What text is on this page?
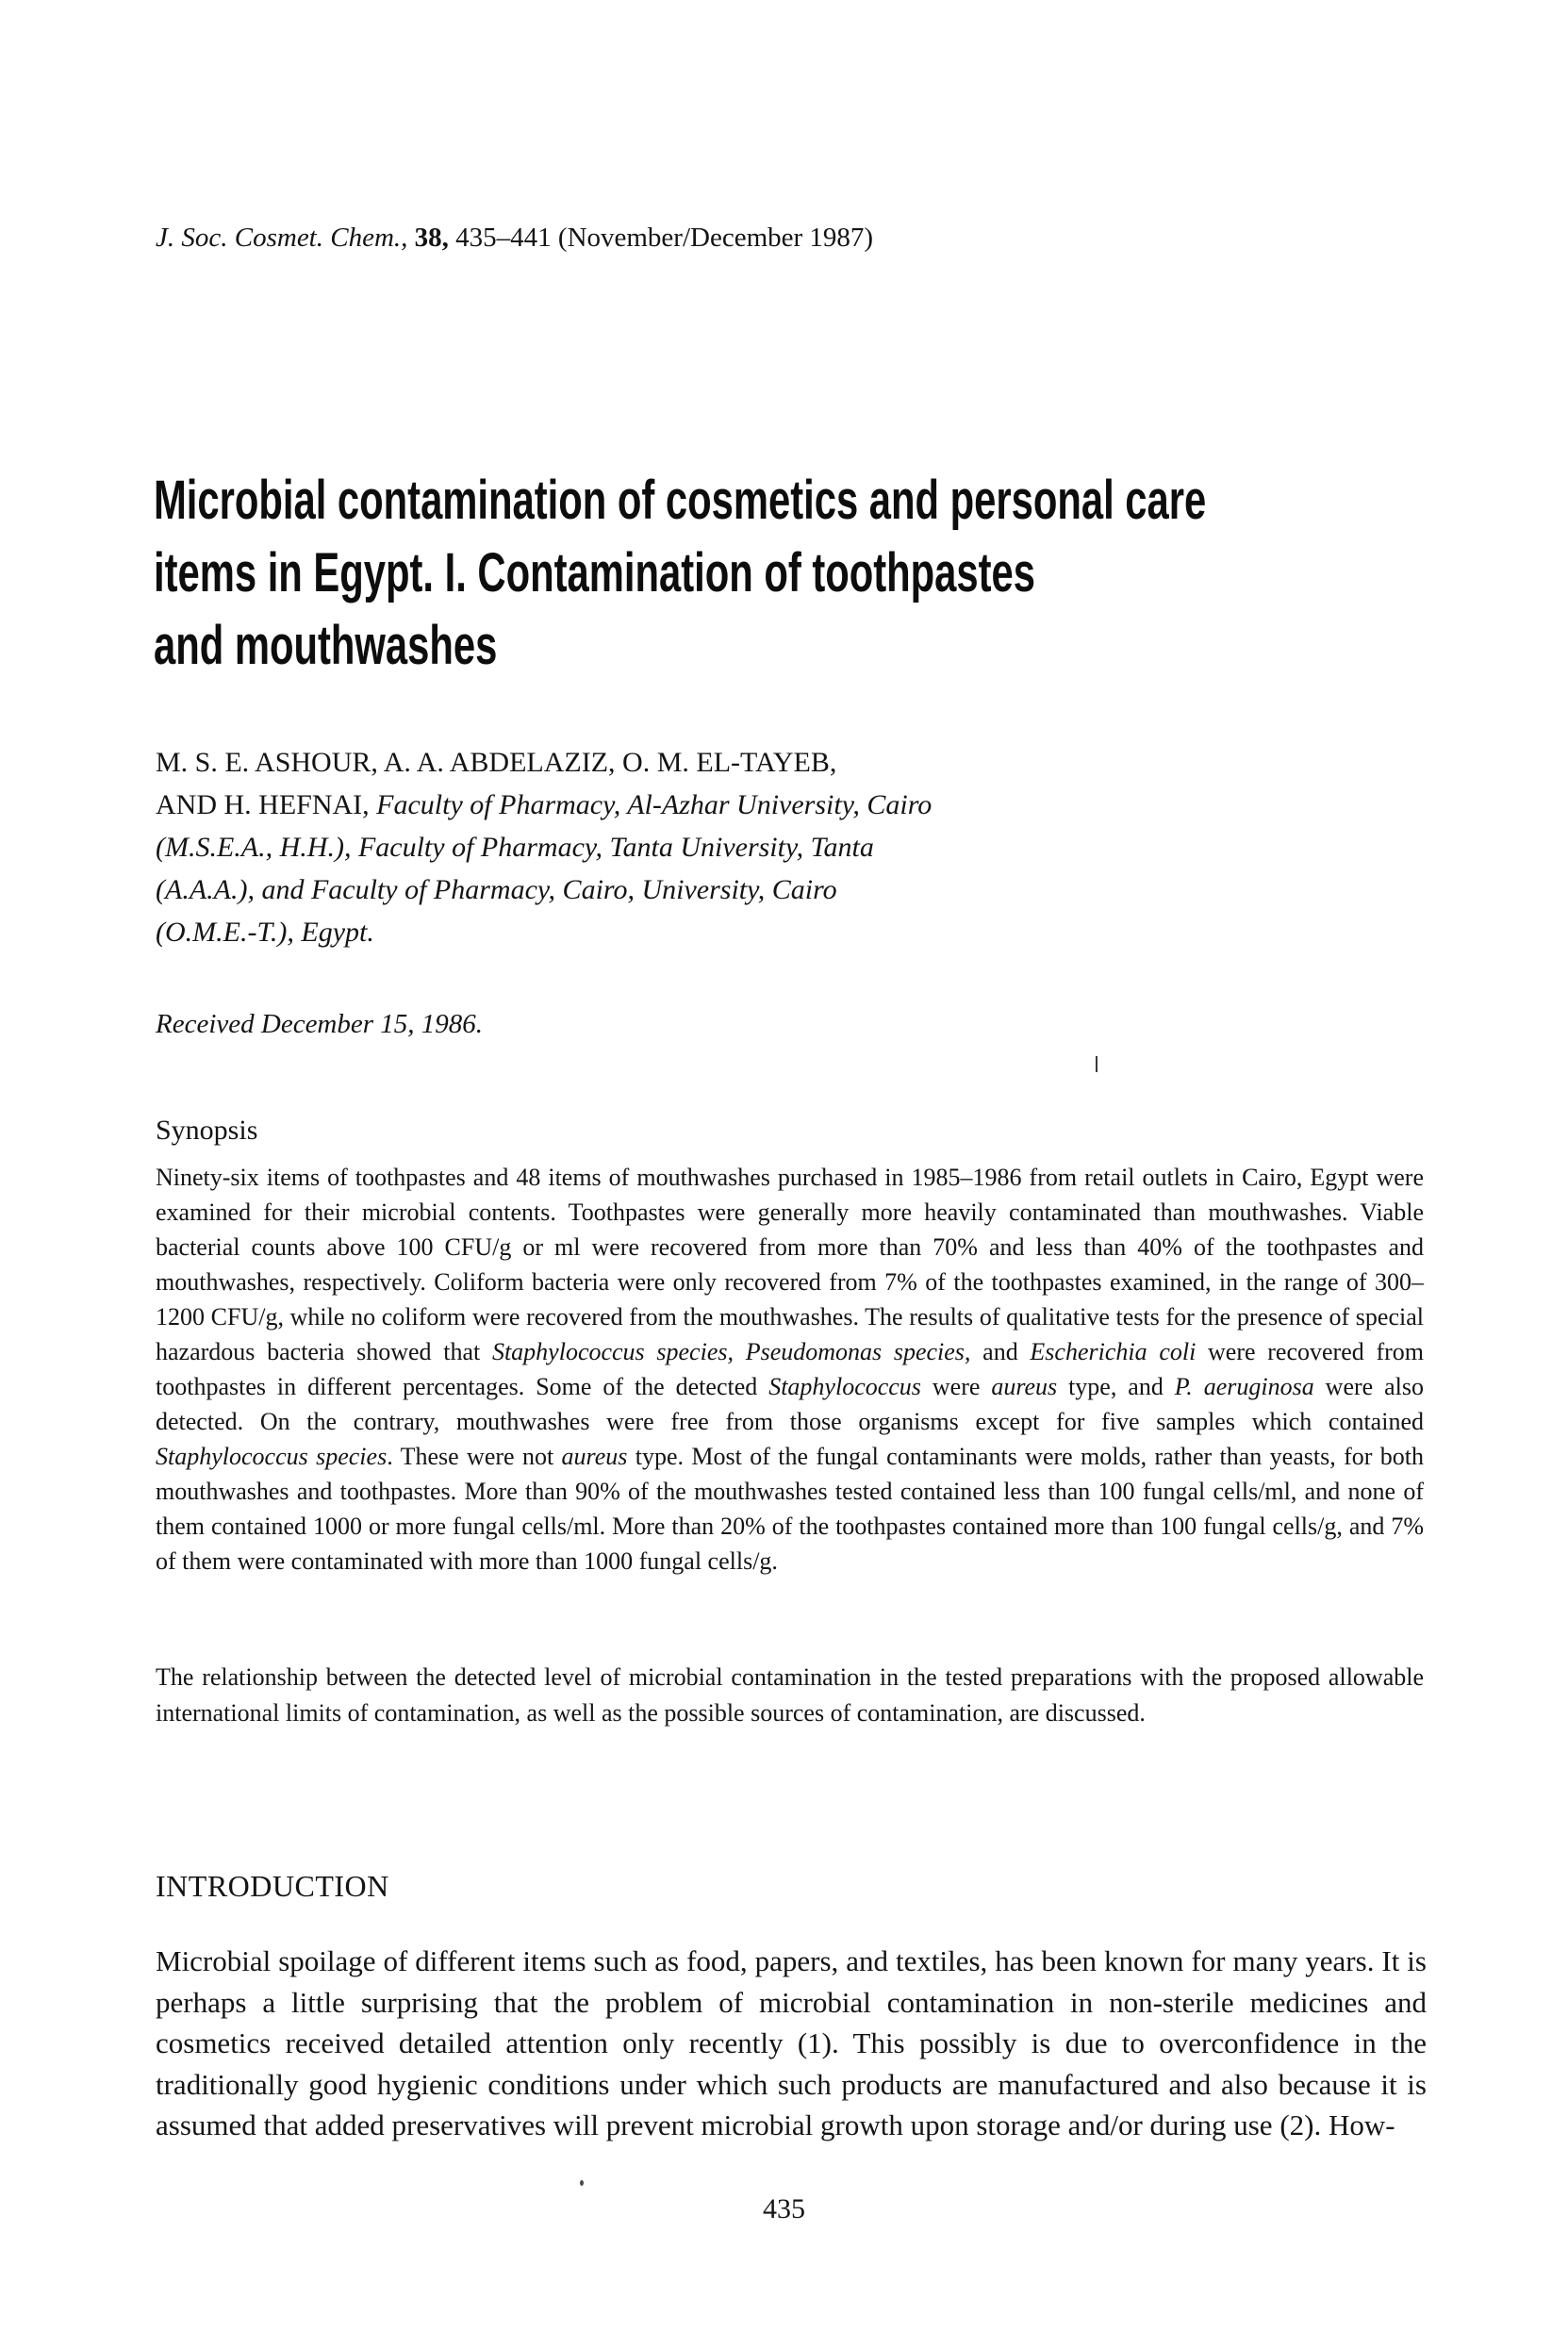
J. Soc. Cosmet. Chem., 38, 435–441 (November/December 1987)
Microbial contamination of cosmetics and personal care
items in Egypt. I. Contamination of toothpastes
and mouthwashes
M. S. E. ASHOUR, A. A. ABDELAZIZ, O. M. EL-TAYEB,
AND H. HEFNAI, Faculty of Pharmacy, Al-Azhar University, Cairo
(M.S.E.A., H.H.), Faculty of Pharmacy, Tanta University, Tanta
(A.A.A.), and Faculty of Pharmacy, Cairo, University, Cairo
(O.M.E.-T.), Egypt.
Received December 15, 1986.
Synopsis
Ninety-six items of toothpastes and 48 items of mouthwashes purchased in 1985–1986 from retail outlets in Cairo, Egypt were examined for their microbial contents. Toothpastes were generally more heavily contaminated than mouthwashes. Viable bacterial counts above 100 CFU/g or ml were recovered from more than 70% and less than 40% of the toothpastes and mouthwashes, respectively. Coliform bacteria were only recovered from 7% of the toothpastes examined, in the range of 300–1200 CFU/g, while no coliform were recovered from the mouthwashes. The results of qualitative tests for the presence of special hazardous bacteria showed that Staphylococcus species, Pseudomonas species, and Escherichia coli were recovered from toothpastes in different percentages. Some of the detected Staphylococcus were aureus type, and P. aeruginosa were also detected. On the contrary, mouthwashes were free from those organisms except for five samples which contained Staphylococcus species. These were not aureus type. Most of the fungal contaminants were molds, rather than yeasts, for both mouthwashes and toothpastes. More than 90% of the mouthwashes tested contained less than 100 fungal cells/ml, and none of them contained 1000 or more fungal cells/ml. More than 20% of the toothpastes contained more than 100 fungal cells/g, and 7% of them were contaminated with more than 1000 fungal cells/g.
The relationship between the detected level of microbial contamination in the tested preparations with the proposed allowable international limits of contamination, as well as the possible sources of contamination, are discussed.
INTRODUCTION
Microbial spoilage of different items such as food, papers, and textiles, has been known for many years. It is perhaps a little surprising that the problem of microbial contamination in non-sterile medicines and cosmetics received detailed attention only recently (1). This possibly is due to overconfidence in the traditionally good hygienic conditions under which such products are manufactured and also because it is assumed that added preservatives will prevent microbial growth upon storage and/or during use (2). How-
435
